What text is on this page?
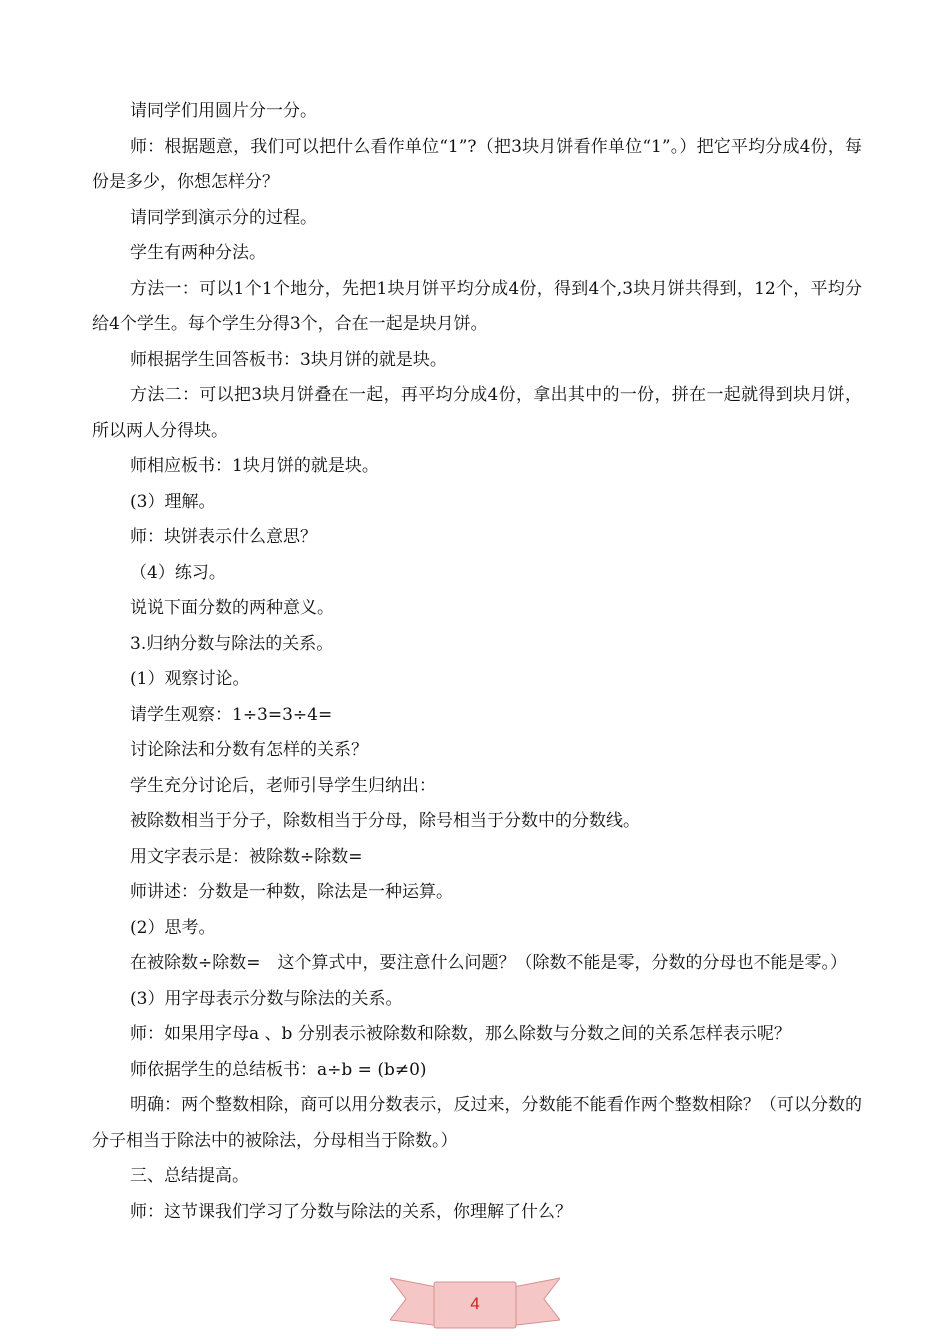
请同学们用圆片分一分。

师：根据题意，我们可以把什么看作单位“1”?（把3块月饼看作单位“1”。）把它平均分成4份，每份是多少，你想怎样分？

请同学到演示分的过程。

学生有两种分法。

方法一：可以1个1个地分，先把1块月饼平均分成4份，得到4个,3块月饼共得到，12个，平均分给4个学生。每个学生分得3个，合在一起是块月饼。

师根据学生回答板书：3块月饼的就是块。

方法二：可以把3块月饼叠在一起，再平均分成4份，拿出其中的一份，拼在一起就得到块月饼，所以两人分得块。

师相应板书：1块月饼的就是块。

(3）理解。

师：块饼表示什么意思？

（4）练习。

说说下面分数的两种意义。

3.归纳分数与除法的关系。

(1）观察讨论。

请学生观察：1÷3=3÷4=

讨论除法和分数有怎样的关系？

学生充分讨论后，老师引导学生归纳出：

被除数相当于分子，除数相当于分母，除号相当于分数中的分数线。

用文字表示是：被除数÷除数=

师讲述：分数是一种数，除法是一种运算。

(2）思考。

在被除数÷除数=　这个算式中，要注意什么问题？（除数不能是零，分数的分母也不能是零。）

(3）用字母表示分数与除法的关系。

师：如果用字母a 、b 分别表示被除数和除数，那么除数与分数之间的关系怎样表示呢？

师依据学生的总结板书：a÷b = (b≠0)

明确：两个整数相除，商可以用分数表示，反过来，分数能不能看作两个整数相除？（可以分数的分子相当于除法中的被除法，分母相当于除数。）

三、总结提高。

师：这节课我们学习了分数与除法的关系，你理解了什么？

4
